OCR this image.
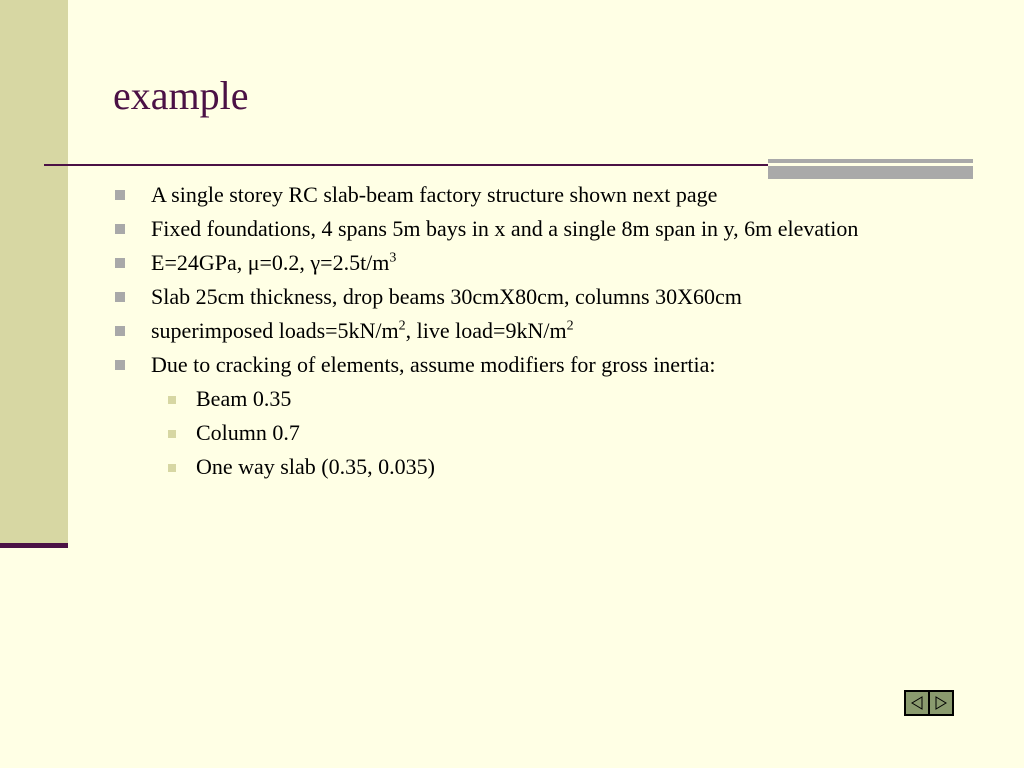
example
A single storey RC slab-beam factory structure shown next page
Fixed foundations, 4 spans 5m bays in x and a single 8m span in y, 6m elevation
E=24GPa, μ=0.2, $\gamma=2.5t/m^3$
Slab 25cm thickness, drop beams 30cmX80cm, columns 30X60cm
superimposed $loads=5kN/m^2$, live $load=9kN/m^2$
Due to cracking of elements, assume modifiers for gross inertia:
Beam 0.35
Column 0.7
One way slab (0.35, 0.035)
